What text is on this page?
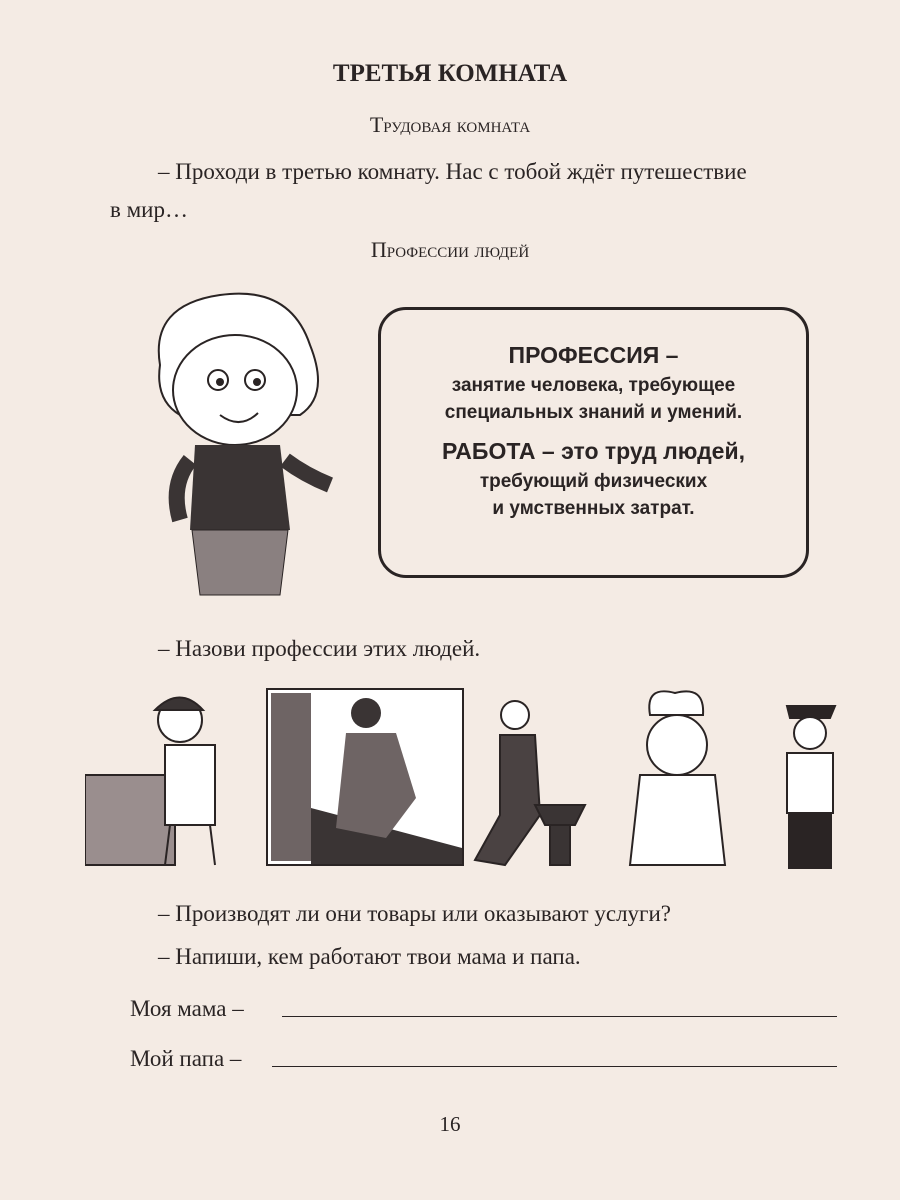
ТРЕТЬЯ КОМНАТА
Трудовая комната
– Проходи в третью комнату. Нас с тобой ждёт путешествие
в мир…
Профессии людей
ПРОФЕССИЯ –
занятие человека, требующее
специальных знаний и умений.
РАБОТА – это труд людей,
требующий физических
и умственных затрат.
– Назови профессии этих людей.
– Производят ли они товары или оказывают услуги?
– Напиши, кем работают твои мама и папа.
Моя мама –
Мой папа –
16
